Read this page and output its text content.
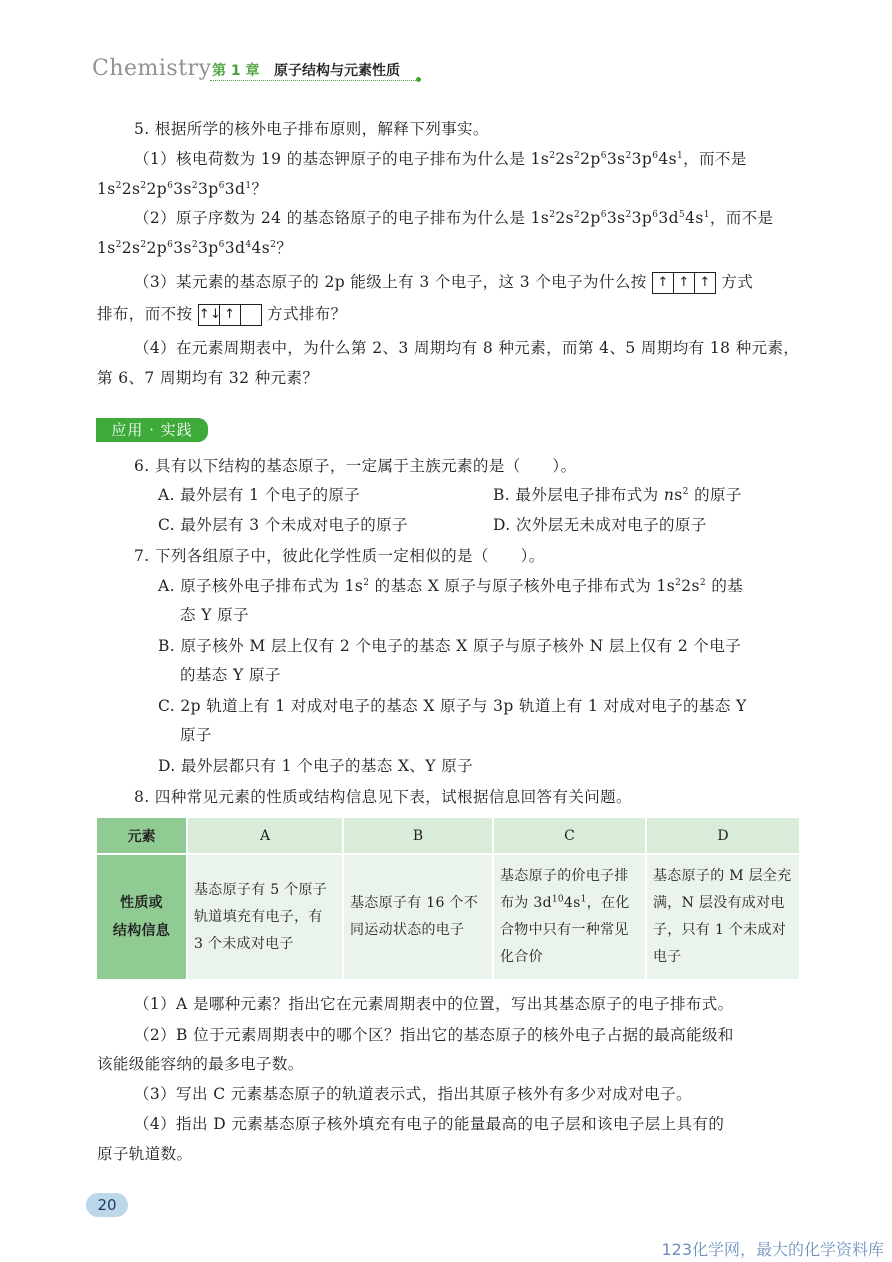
Chemistry 第 1 章 原子结构与元素性质
5. 根据所学的核外电子排布原则，解释下列事实。
（1）核电荷数为 19 的基态钾原子的电子排布为什么是 $1s^22s^22p^63s^23p^64s^1$，而不是
$1s^22s^22p^63s^23p^63d^1$？
（2）原子序数为 24 的基态铬原子的电子排布为什么是 $1s^22s^22p^63s^23p^63d^54s^1$，而不是
$1s^22s^22p^63s^23p^63d^44s^2$？
（3）某元素的基态原子的 2p 能级上有 3 个电子，这 3 个电子为什么按 ↑ ↑ ↑ 方式
排布，而不按 ↑↓ ↑	方式排布？
（4）在元素周期表中，为什么第 2、3 周期均有 8 种元素，而第 4、5 周期均有 18 种元素，
第 6、7 周期均有 32 种元素？
应用 · 实践
6. 具有以下结构的基态原子，一定属于主族元素的是（　　）。
A. 最外层有 1 个电子的原子	B. 最外层电子排布式为 $ns^2$ 的原子
C. 最外层有 3 个未成对电子的原子	D. 次外层无未成对电子的原子
7. 下列各组原子中，彼此化学性质一定相似的是（　　）。
A. 原子核外电子排布式为 $1s^2$ 的基态 X 原子与原子核外电子排布式为 $1s^22s^2$ 的基
态 Y 原子
B. 原子核外 M 层上仅有 2 个电子的基态 X 原子与原子核外 N 层上仅有 2 个电子
的基态 Y 原子
C. 2p 轨道上有 1 对成对电子的基态 X 原子与 3p 轨道上有 1 对成对电子的基态 Y
原子
D. 最外层都只有 1 个电子的基态 X、Y 原子
8. 四种常见元素的性质或结构信息见下表，试根据信息回答有关问题。
元素	A	B	C	D
性质或
结构信息	基态原子有 5 个原子轨道填充有电子，有 3 个未成对电子	基态原子有 16 个不同运动状态的电子	基态原子的价电子排布为 $3d^{10}4s^1$，在化合物中只有一种常见化合价	基态原子的 M 层全充满，N 层没有成对电子，只有 1 个未成对电子
（1）A 是哪种元素？指出它在元素周期表中的位置，写出其基态原子的电子排布式。
（2）B 位于元素周期表中的哪个区？指出它的基态原子的核外电子占据的最高能级和
该能级能容纳的最多电子数。
（3）写出 C 元素基态原子的轨道表示式，指出其原子核外有多少对成对电子。
（4）指出 D 元素基态原子核外填充有电子的能量最高的电子层和该电子层上具有的
原子轨道数。
20
123化学网，最大的化学资料库
